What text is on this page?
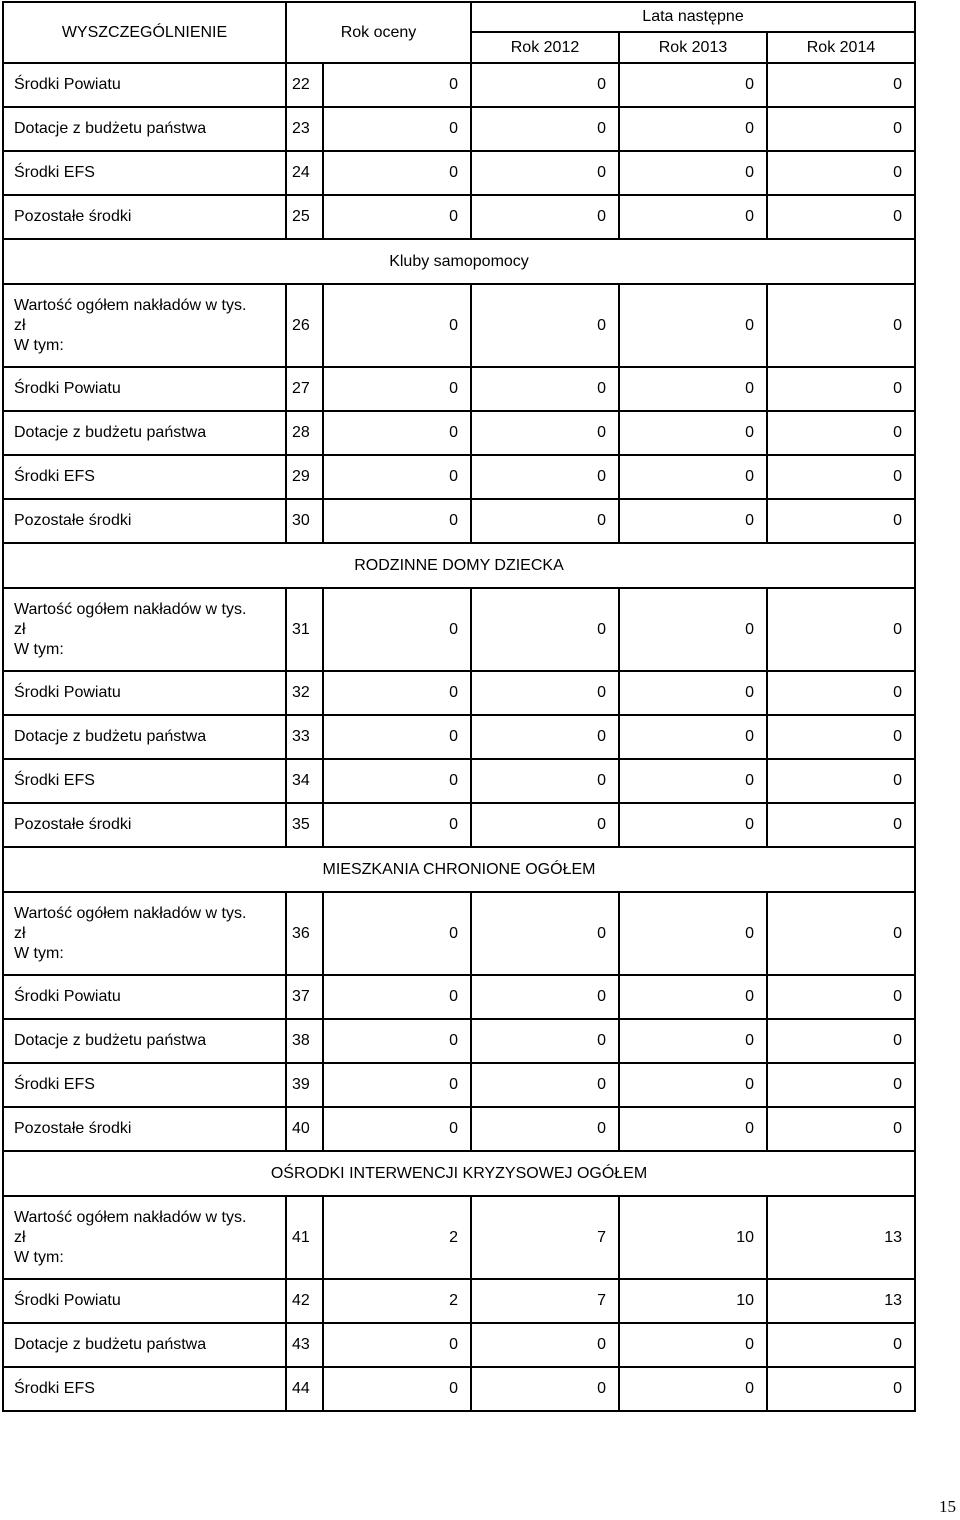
WYSZCZEGÓLNIENIE	Rok oceny		Lata następne		
			Rok 2012	Rok 2013	Rok 2014

Środki Powiatu	22	0	0	0	0

Dotacje z budżetu państwa	23	0	0	0	0

Środki EFS	24	0	0	0	0

Pozostałe środki	25	0	0	0	0
Kluby samopomocy					

Wartość ogółem nakładów w tys.
zł
W tym:	26	0	0	0	0

Środki Powiatu	27	0	0	0	0

Dotacje z budżetu państwa	28	0	0	0	0

Środki EFS	29	0	0	0	0

Pozostałe środki	30	0	0	0	0
RODZINNE DOMY DZIECKA					

Wartość ogółem nakładów w tys.
zł
W tym:	31	0	0	0	0

Środki Powiatu	32	0	0	0	0

Dotacje z budżetu państwa	33	0	0	0	0

Środki EFS	34	0	0	0	0

Pozostałe środki	35	0	0	0	0
MIESZKANIA CHRONIONE OGÓŁEM					

Wartość ogółem nakładów w tys.
zł
W tym:	36	0	0	0	0

Środki Powiatu	37	0	0	0	0

Dotacje z budżetu państwa	38	0	0	0	0

Środki EFS	39	0	0	0	0

Pozostałe środki	40	0	0	0	0
OŚRODKI INTERWENCJI KRYZYSOWEJ OGÓŁEM					

Wartość ogółem nakładów w tys.
zł
W tym:	41	2	7	10	13

Środki Powiatu	42	2	7	10	13

Dotacje z budżetu państwa	43	0	0	0	0

Środki EFS	44	0	0	0	0
15
